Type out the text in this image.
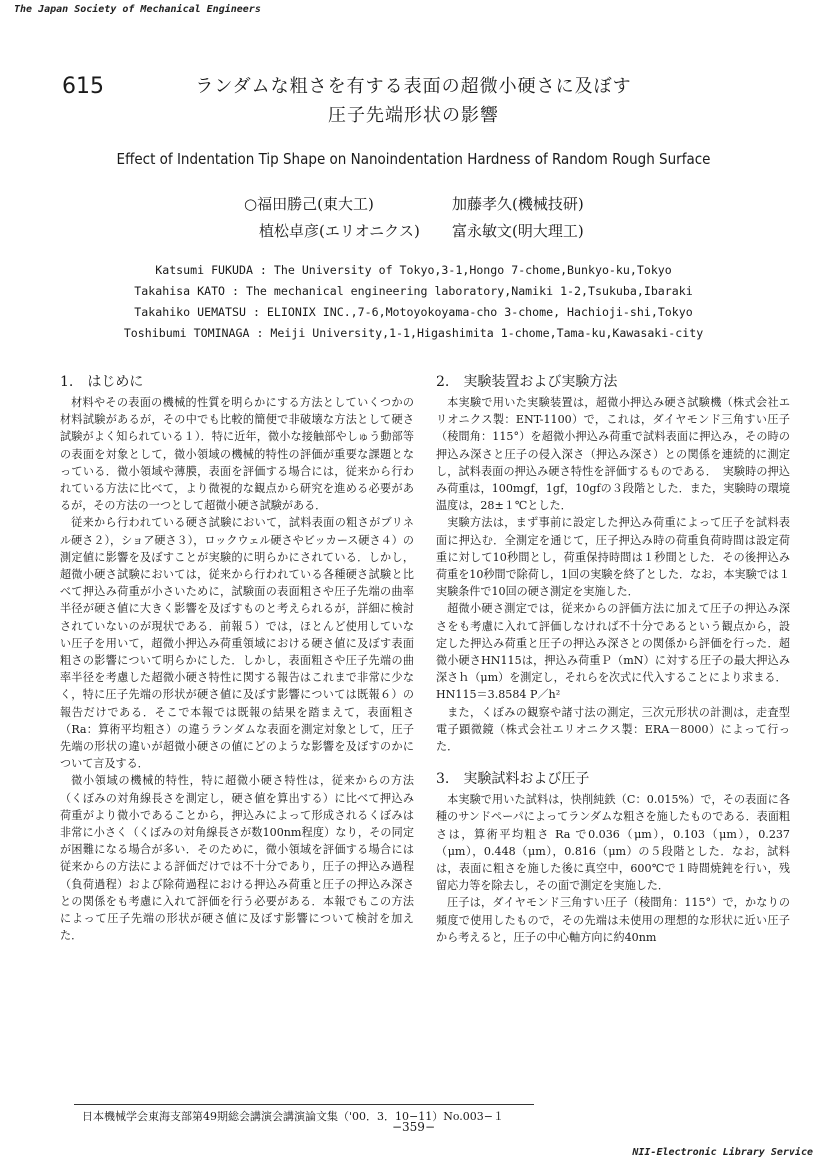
The Japan Society of Mechanical Engineers
615	ランダムな粗さを有する表面の超微小硬さに及ぼす
圧子先端形状の影響
Effect of Indentation Tip Shape on Nanoindentation Hardness of Random Rough Surface
○福田勝己(東大工)	加藤孝久(機械技研)
植松卓彦(エリオニクス) 富永敏文(明大理工)
Katsumi FUKUDA : The University of Tokyo,3-1,Hongo 7-chome,Bunkyo-ku,Tokyo
Takahisa KATO : The mechanical engineering laboratory,Namiki 1-2,Tsukuba,Ibaraki
Takahiko UEMATSU : ELIONIX INC.,7-6,Motoyokoyama-cho 3-chome, Hachioji-shi,Tokyo
Toshibumi TOMINAGA : Meiji University,1-1,Higashimita 1-chome,Tama-ku,Kawasaki-city
1.　はじめに

材料やその表面の機械的性質を明らかにする方法としていくつかの材料試験があるが，その中でも比較的簡便で非破壊な方法として硬さ試験がよく知られている１）．特に近年，微小な接触部やしゅう動部等の表面を対象として，微小領域の機械的特性の評価が重要な課題となっている．微小領域や薄膜，表面を評価する場合には，従来から行われている方法に比べて，より微視的な観点から研究を進める必要があるが，その方法の一つとして超微小硬さ試験がある．

従来から行われている硬さ試験において，試料表面の粗さがブリネル硬さ２），ショア硬さ３），ロックウェル硬さやビッカース硬さ４）の測定値に影響を及ぼすことが実験的に明らかにされている．しかし，超微小硬さ試験においては，従来から行われている各種硬さ試験と比べて押込み荷重が小さいために，試験面の表面粗さや圧子先端の曲率半径が硬さ値に大きく影響を及ぼすものと考えられるが，詳細に検討されていないのが現状である．前報５）では，ほとんど使用していない圧子を用いて，超微小押込み荷重領域における硬さ値に及ぼす表面粗さの影響について明らかにした．しかし，表面粗さや圧子先端の曲率半径を考慮した超微小硬さ特性に関する報告はこれまで非常に少なく，特に圧子先端の形状が硬さ値に及ぼす影響については既報６）の報告だけである．そこで本報では既報の結果を踏まえて，表面粗さ（Ra：算術平均粗さ）の違うランダムな表面を測定対象として，圧子先端の形状の違いが超微小硬さの値にどのような影響を及ぼすのかについて言及する．

微小領域の機械的特性，特に超微小硬さ特性は，従来からの方法（くぼみの対角線長さを測定し，硬さ値を算出する）に比べて押込み荷重がより微小であることから，押込みによって形成されるくぼみは非常に小さく（くぼみの対角線長さが数100nm程度）なり，その同定が困難になる場合が多い．そのために，微小領域を評価する場合には従来からの方法による評価だけでは不十分であり，圧子の押込み過程（負荷過程）および除荷過程における押込み荷重と圧子の押込み深さとの関係をも考慮に入れて評価を行う必要がある．本報でもこの方法によって圧子先端の形状が硬さ値に及ぼす影響について検討を加えた．

2.　実験装置および実験方法

本実験で用いた実験装置は，超微小押込み硬さ試験機（株式会社エリオニクス製：ENT-1100）で，これは，ダイヤモンド三角すい圧子（稜間角：115°）を超微小押込み荷重で試料表面に押込み，その時の押込み深さと圧子の侵入深さ（押込み深さ）との関係を連続的に測定し，試料表面の押込み硬さ特性を評価するものである．　実験時の押込み荷重は，100mgf，1gf，10gfの３段階とした．また，実験時の環境温度は，28±１℃とした．

実験方法は，まず事前に設定した押込み荷重によって圧子を試料表面に押込む．全測定を通じて，圧子押込み時の荷重負荷時間は設定荷重に対して10秒間とし，荷重保持時間は１秒間とした．その後押込み荷重を10秒間で除荷し，1回の実験を終了とした．なお，本実験では１実験条件で10回の硬さ測定を実施した．

超微小硬さ測定では，従来からの評価方法に加えて圧子の押込み深さをも考慮に入れて評価しなければ不十分であるという観点から，設定した押込み荷重と圧子の押込み深さとの関係から評価を行った．超微小硬さHN115は，押込み荷重Ｐ（mN）に対する圧子の最大押込み深さｈ（μm）を測定し，それらを次式に代入することにより求まる．

HN115＝3.8584 P／h²

また，くぼみの観察や諸寸法の測定，三次元形状の計測は，走査型電子顕微鏡（株式会社エリオニクス製：ERA－8000）によって行った．

3.　実験試料および圧子

本実験で用いた試料は，快削純鉄（C：0.015%）で，その表面に各種のサンドペーパによってランダムな粗さを施したものである．表面粗さは，算術平均粗さ Ra で0.036（μm），0.103（μm），0.237（μm），0.448（μm），0.816（μm）の５段階とした．なお，試料は，表面に粗さを施した後に真空中，600℃で１時間焼鈍を行い，残留応力等を除去し，その面で測定を実施した．

圧子は，ダイヤモンド三角すい圧子（稜間角：115°）で，かなりの頻度で使用したもので，その先端は未使用の理想的な形状に近い圧子から考えると，圧子の中心軸方向に約40nm

日本機械学会東海支部第49期総会講演会講演論文集（'00．3．10−11）No.003−１
−359−
NII-Electronic Library Service
